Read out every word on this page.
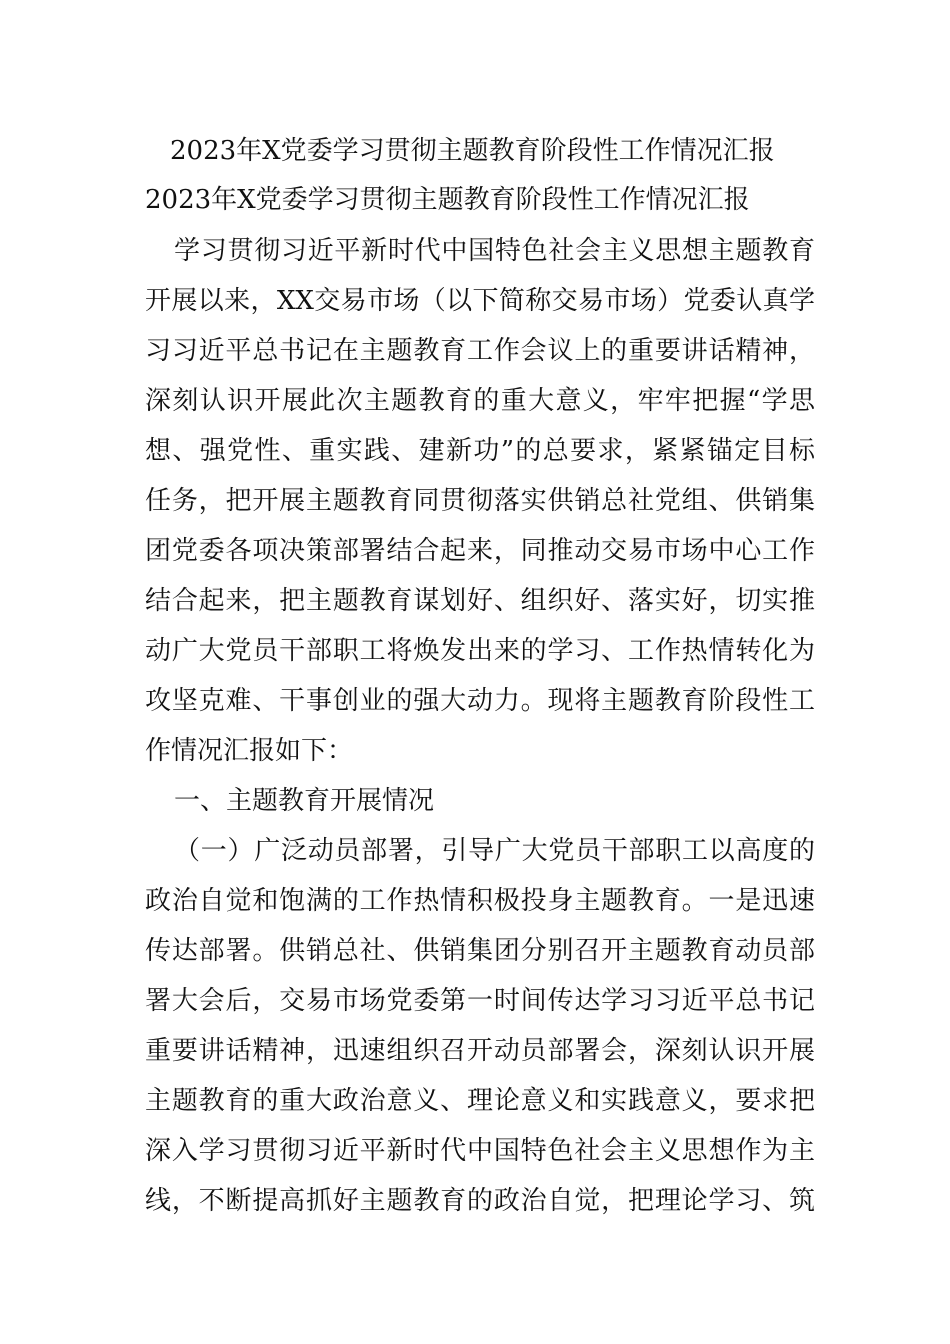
2023年X党委学习贯彻主题教育阶段性工作情况汇报
2023年X党委学习贯彻主题教育阶段性工作情况汇报
学习贯彻习近平新时代中国特色社会主义思想主题教育
开展以来，XX交易市场（以下简称交易市场）党委认真学
习习近平总书记在主题教育工作会议上的重要讲话精神，
深刻认识开展此次主题教育的重大意义，牢牢把握“学思
想、强党性、重实践、建新功”的总要求，紧紧锚定目标
任务，把开展主题教育同贯彻落实供销总社党组、供销集
团党委各项决策部署结合起来，同推动交易市场中心工作
结合起来，把主题教育谋划好、组织好、落实好，切实推
动广大党员干部职工将焕发出来的学习、工作热情转化为
攻坚克难、干事创业的强大动力。现将主题教育阶段性工
作情况汇报如下：
一、主题教育开展情况
（一）广泛动员部署，引导广大党员干部职工以高度的
政治自觉和饱满的工作热情积极投身主题教育。一是迅速
传达部署。供销总社、供销集团分别召开主题教育动员部
署大会后，交易市场党委第一时间传达学习习近平总书记
重要讲话精神，迅速组织召开动员部署会，深刻认识开展
主题教育的重大政治意义、理论意义和实践意义，要求把
深入学习贯彻习近平新时代中国特色社会主义思想作为主
线，不断提高抓好主题教育的政治自觉，把理论学习、筑
